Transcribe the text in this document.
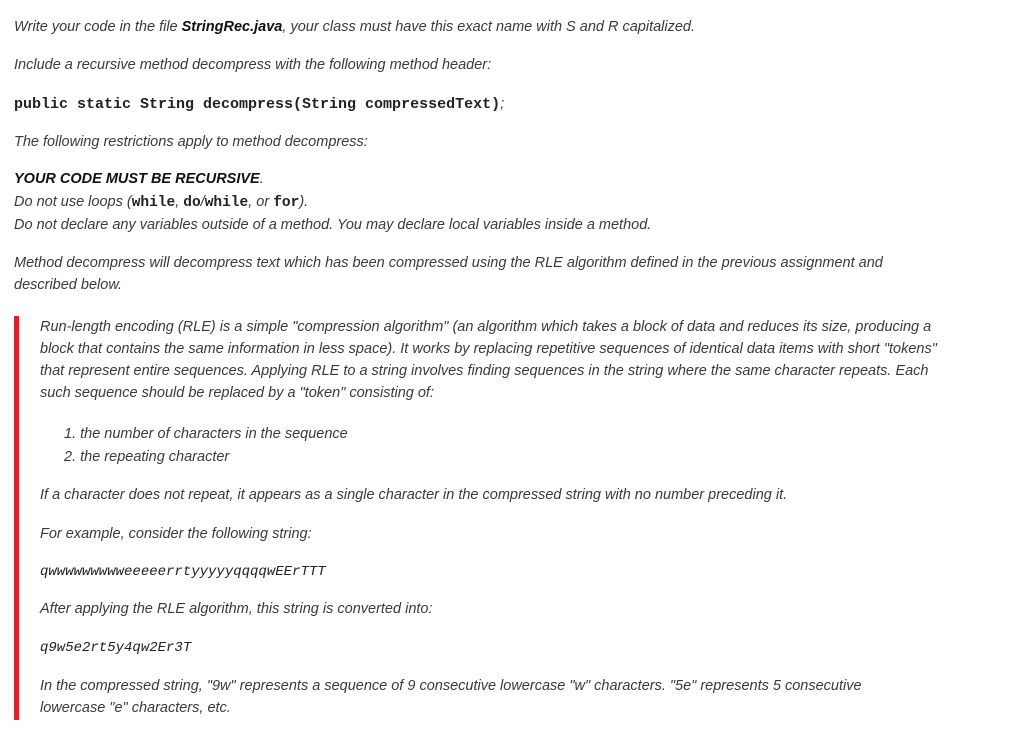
Write your code in the file StringRec.java, your class must have this exact name with S and R capitalized.

Include a recursive method decompress with the following method header:

public static String decompress(String compressedText);

The following restrictions apply to method decompress:

YOUR CODE MUST BE RECURSIVE.

Do not use loops (while, do/while, or for).

Do not declare any variables outside of a method. You may declare local variables inside a method.

Method decompress will decompress text which has been compressed using the RLE algorithm defined in the previous assignment and described below.

Run-length encoding (RLE) is a simple "compression algorithm" (an algorithm which takes a block of data and reduces its size, producing a block that contains the same information in less space). It works by replacing repetitive sequences of identical data items with short "tokens" that represent entire sequences. Applying RLE to a string involves finding sequences in the string where the same character repeats. Each such sequence should be replaced by a "token" consisting of:

1. the number of characters in the sequence
2. the repeating character

If a character does not repeat, it appears as a single character in the compressed string with no number preceding it.

For example, consider the following string:

qwwwwwwwwweeeeerrtyyyyyqqqqwEErTTT

After applying the RLE algorithm, this string is converted into:

q9w5e2rt5y4qw2Er3T

In the compressed string, "9w" represents a sequence of 9 consecutive lowercase "w" characters. "5e" represents 5 consecutive lowercase "e" characters, etc.
